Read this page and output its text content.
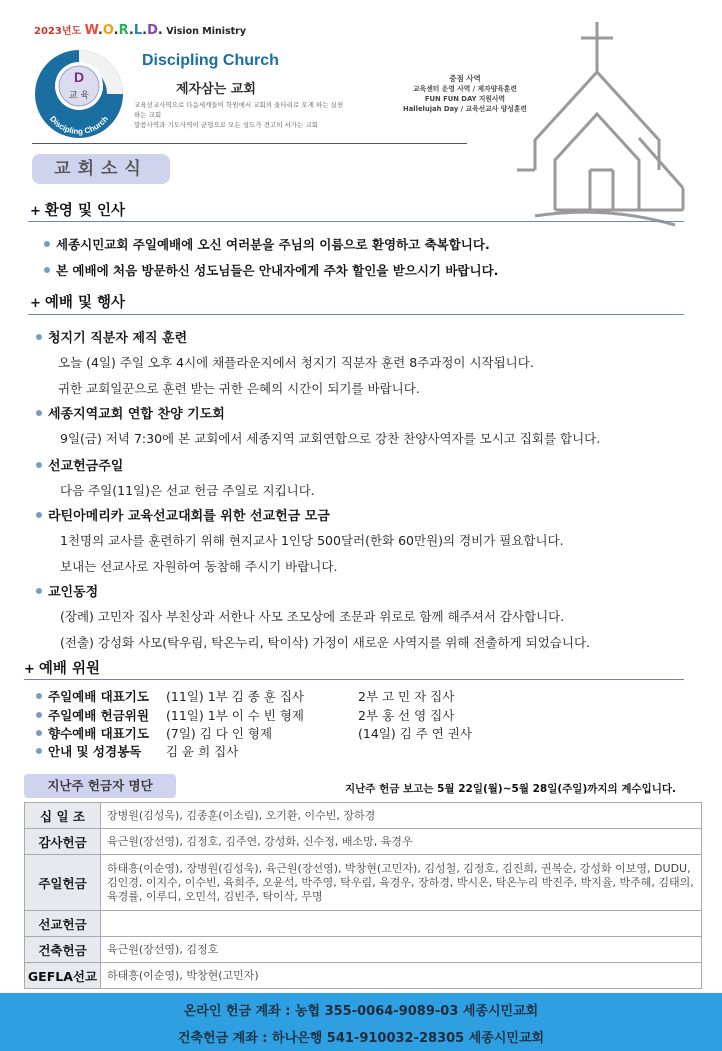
2023년도 W.O.R.L.D. Vision Ministry
D
교 육
Discipling Church
Discipling Church
제자삼는 교회
교육선교사역으로 다음세계들이 학원에서 교회의 울타리로 오게 하는 실천하는 교회
말씀사역과 기도사역이 균형으로 모든 성도가 견고히 서가는 교회
중점 사역
교육센터 운영 사역 / 제자양육훈련
FUN FUN DAY 지원사역
Hallelujah Day / 교육선교사 양성훈련
교회소식
+ 환영 및 인사
세종시민교회 주일예배에 오신 여러분을 주님의 이름으로 환영하고 축복합니다.
본 예배에 처음 방문하신 성도님들은 안내자에게 주차 할인을 받으시기 바랍니다.
+ 예배 및 행사
청지기 직분자 제직 훈련
오늘 (4일) 주일 오후 4시에 채플라운지에서 청지기 직분자 훈련 8주과정이 시작됩니다.
귀한 교회일꾼으로 훈련 받는 귀한 은혜의 시간이 되기를 바랍니다.
세종지역교회 연합 찬양 기도회
9일(금) 저녁 7:30에 본 교회에서 세종지역 교회연합으로 강찬 찬양사역자를 모시고 집회를 합니다.
선교헌금주일
다음 주일(11일)은 선교 헌금 주일로 지킵니다.
라틴아메리카 교육선교대회를 위한 선교헌금 모금
1천명의 교사를 훈련하기 위해 현지교사 1인당 500달러(한화 60만원)의 경비가 필요합니다.
보내는 선교사로 자원하여 동참해 주시기 바랍니다.
교인동정
(장례) 고민자 집사 부친상과 서한나 사모 조모상에 조문과 위로로 함께 해주셔서 감사합니다.
(전출) 강성화 사모(탁우림, 탁온누리, 탁이삭) 가정이 새로운 사역지를 위해 전출하게 되었습니다.
+ 예배 위원
주일예배 대표기도 (11일) 1부 김 종 훈 집사	2부 고 민 자 집사
주일예배 헌금위원 (11일) 1부 이 수 빈 형제	2부 홍 선 영 집사
향수예배 대표기도(7일) 김 다 인 형제	(14일) 김 주 연 권사
안내 및 성경봉독 김 윤 희 집사
지난주 헌금자 명단	지난주 헌금 보고는 5월 22일(월)~5월 28일(주일)까지의 계수입니다.
십 일 조	장병원(김성욱), 김종훈(이소림), 오기환, 이수빈, 장하경
감사헌금	육근원(장선영), 김정호, 김주연, 강성화, 신수정, 배소망, 육경우
주일헌금	하태흥(이순영), 장병원(김성욱), 육근원(장선영), 박창현(고민자), 김성철, 김정호, 김진희, 권복순, 강성화 이보영, DUDU, 김인경, 이지수, 이수빈, 육희주, 오윤석, 박주영, 탁우림, 육경우, 장하경, 박시온, 탁온누리 박진주, 박지율, 박주혜, 김태의, 육경률, 이루디, 오민석, 김빈주, 탁이삭, 무명
선교헌금	
건축헌금	육근원(장선영), 김정호
GEFLA선교	하태흥(이순영), 박창현(고민자)
온라인 헌금 계좌 : 농협 355-0064-9089-03 세종시민교회
건축헌금 계좌 : 하나은행 541-910032-28305 세종시민교회
